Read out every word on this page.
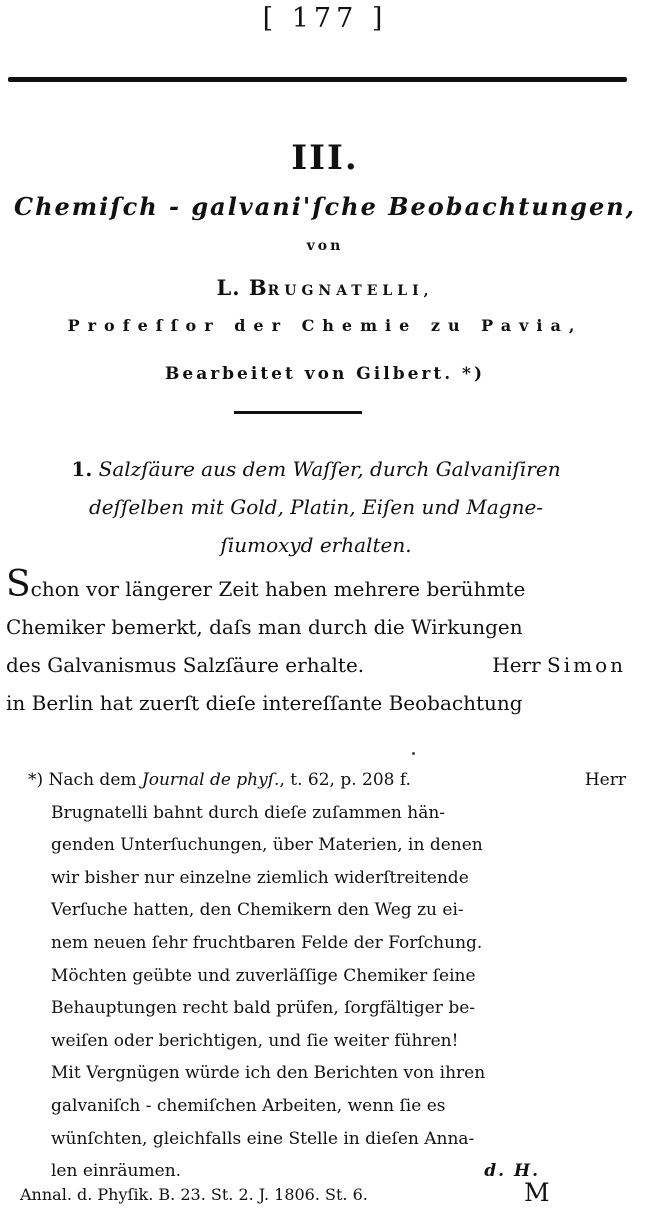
[ 177 ]
III.
Chemiſch - galvani'ſche Beobachtungen,
von
L. BRUGNATELLI,
Profeſſor der Chemie zu Pavia,
Bearbeitet von Gilbert. *)
1. Salzſäure aus dem Waſſer, durch Galvaniſiren
deſſelben mit Gold, Platin, Eiſen und Magne-
ſiumoxyd erhalten.
Schon vor längerer Zeit haben mehrere berühmte
Chemiker bemerkt, daſs man durch die Wirkungen
des Galvanismus Salzſäure erhalte.	Herr Simon
in Berlin hat zuerſt dieſe intereſſante Beobachtung
*) Nach dem Journal de phyſ., t. 62, p. 208 f.	Herr
Brugnatelli bahnt durch dieſe zuſammen hän-
genden Unterſuchungen, über Materien, in denen
wir bisher nur einzelne ziemlich widerſtreitende
Verſuche hatten, den Chemikern den Weg zu ei-
nem neuen ſehr fruchtbaren Felde der Forſchung.
Möchten geübte und zuverläſſige Chemiker ſeine
Behauptungen recht bald prüfen, ſorgfältiger be-
weiſen oder berichtigen, und ſie weiter führen!
Mit Vergnügen würde ich den Berichten von ihren
galvaniſch - chemiſchen Arbeiten, wenn ſie es
wünſchten, gleichfalls eine Stelle in dieſen Anna-
len einräumen.	d. H.
Annal. d. Phyſik. B. 23. St. 2. J. 1806. St. 6.	M
